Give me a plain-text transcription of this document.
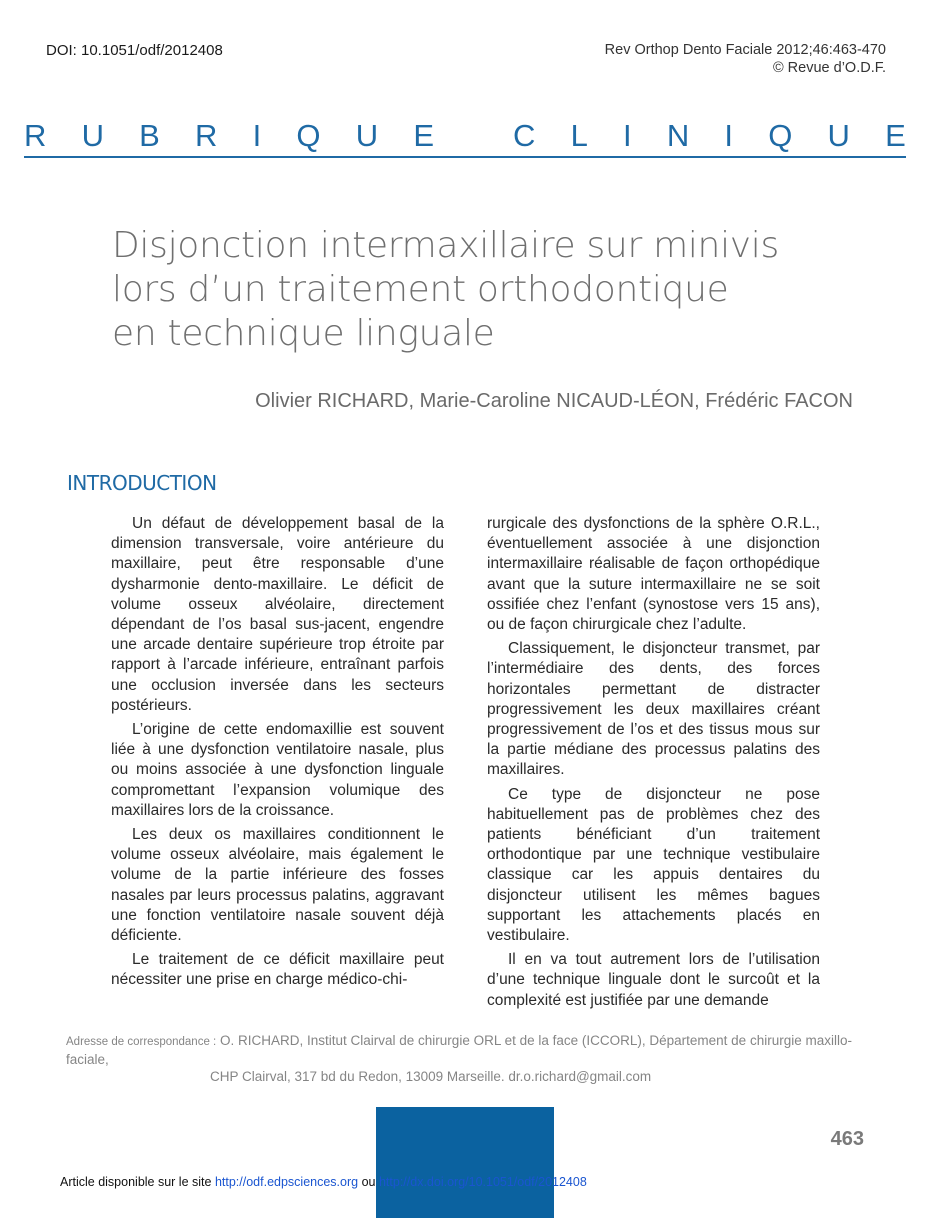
DOI: 10.1051/odf/2012408	Rev Orthop Dento Faciale 2012;46:463-470
© Revue d’O.D.F.
R U B R I Q U E
	C L I N I Q U E
Disjonction intermaxillaire sur minivis
lors d’un traitement orthodontique
en technique linguale
Olivier RICHARD, Marie-Caroline NICAUD-LÉON, Frédéric FACON
INTRODUCTION

Un défaut de développement basal de la dimension transversale, voire antérieure du maxillaire, peut être responsable d’une dysharmonie dento-maxillaire. Le déficit de volume osseux alvéolaire, directement dépendant de l’os basal sus-jacent, engendre une arcade dentaire supérieure trop étroite par rapport à l’arcade inférieure, entraînant parfois une occlusion inversée dans les secteurs postérieurs.

L’origine de cette endomaxillie est souvent liée à une dysfonction ventilatoire nasale, plus ou moins associée à une dysfonction linguale compromettant l’expansion volumique des maxillaires lors de la croissance.

Les deux os maxillaires conditionnent le volume osseux alvéolaire, mais également le volume de la partie inférieure des fosses nasales par leurs processus palatins, aggravant une fonction ventilatoire nasale souvent déjà déficiente.

Le traitement de ce déficit maxillaire peut nécessiter une prise en charge médico-chi-

rurgicale des dysfonctions de la sphère O.R.L., éventuellement associée à une disjonction intermaxillaire réalisable de façon orthopédique avant que la suture intermaxillaire ne se soit ossifiée chez l’enfant (synostose vers 15 ans), ou de façon chirurgicale chez l’adulte.

Classiquement, le disjoncteur transmet, par l’intermédiaire des dents, des forces horizontales permettant de distracter progressivement les deux maxillaires créant progressivement de l’os et des tissus mous sur la partie médiane des processus palatins des maxillaires.

Ce type de disjoncteur ne pose habituellement pas de problèmes chez des patients bénéficiant d’un traitement orthodontique par une technique vestibulaire classique car les appuis dentaires du disjoncteur utilisent les mêmes bagues supportant les attachements placés en vestibulaire.

Il en va tout autrement lors de l’utilisation d’une technique linguale dont le surcoût et la complexité est justifiée par une demande

Adresse de correspondance : O. RICHARD, Institut Clairval de chirurgie ORL et de la face (ICCORL), Département de chirurgie maxillo-faciale,
CHP Clairval, 317 bd du Redon, 13009 Marseille. dr.o.richard@gmail.com
463
Article disponible sur le site http://odf.edpsciences.org ou http://dx.doi.org/10.1051/odf/2012408
